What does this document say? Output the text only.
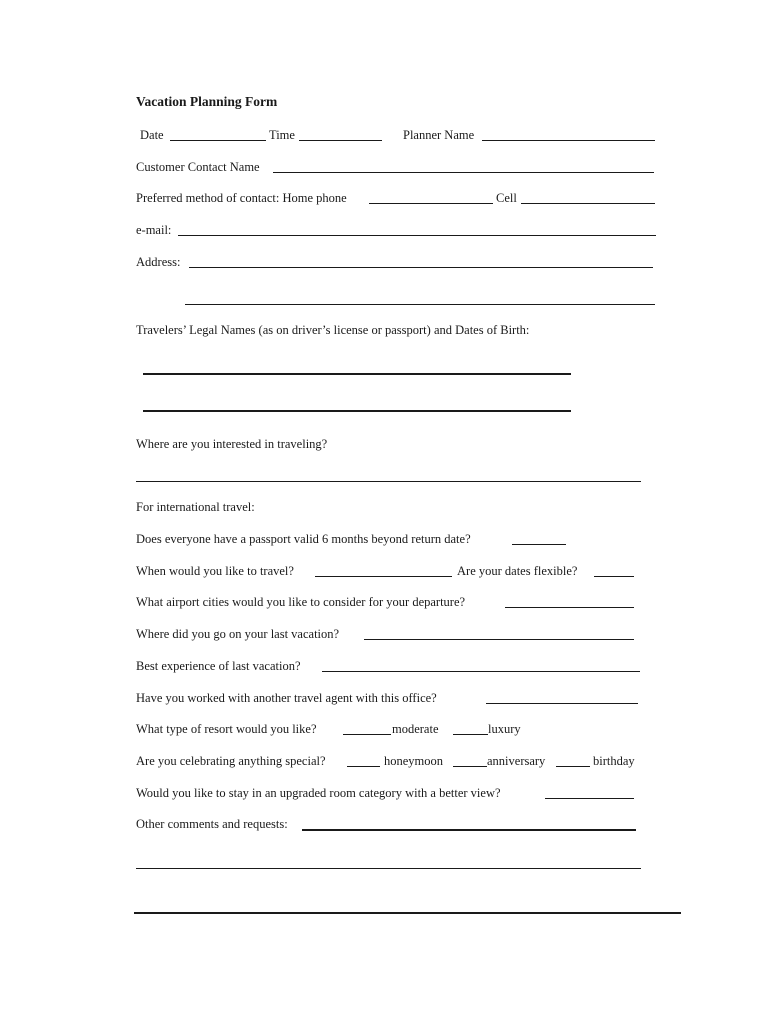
Vacation Planning Form
Date	Time	Planner Name
Customer Contact Name
Preferred method of contact: Home phone	Cell
e-mail:
Address:
Travelers’ Legal Names (as on driver’s license or passport) and Dates of Birth:
Where are you interested in traveling?
For international travel:
Does everyone have a passport valid 6 months beyond return date?
When would you like to travel?	Are your dates flexible?
What airport cities would you like to consider for your departure?
Where did you go on your last vacation?
Best experience of last vacation?
Have you worked with another travel agent with this office?
What type of resort would you like?	moderate	luxury
Are you celebrating anything special?	honeymoon	anniversary	birthday
Would you like to stay in an upgraded room category with a better view?
Other comments and requests:
